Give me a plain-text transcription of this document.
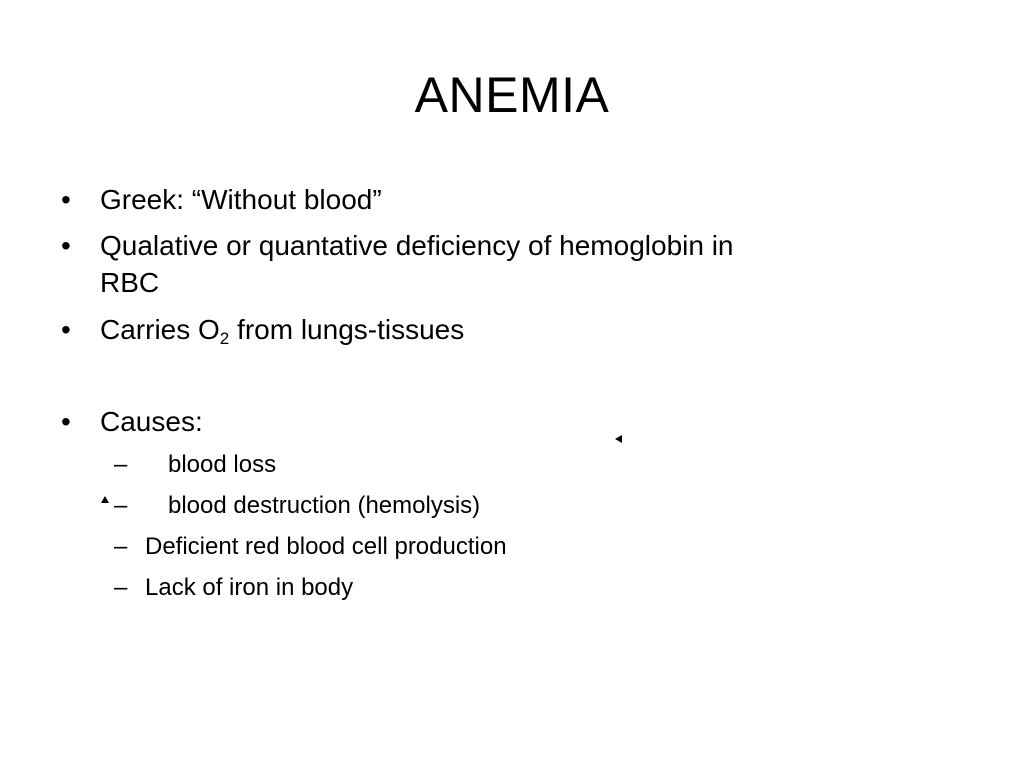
ANEMIA
• Greek: “Without blood”
• Qualative or quantative deficiency of hemoglobin in
RBC
• Carries $O_2$ from lungs-tissues
• Causes:
– blood loss
– blood destruction (hemolysis)
– Deficient red blood cell production
– Lack of iron in body
